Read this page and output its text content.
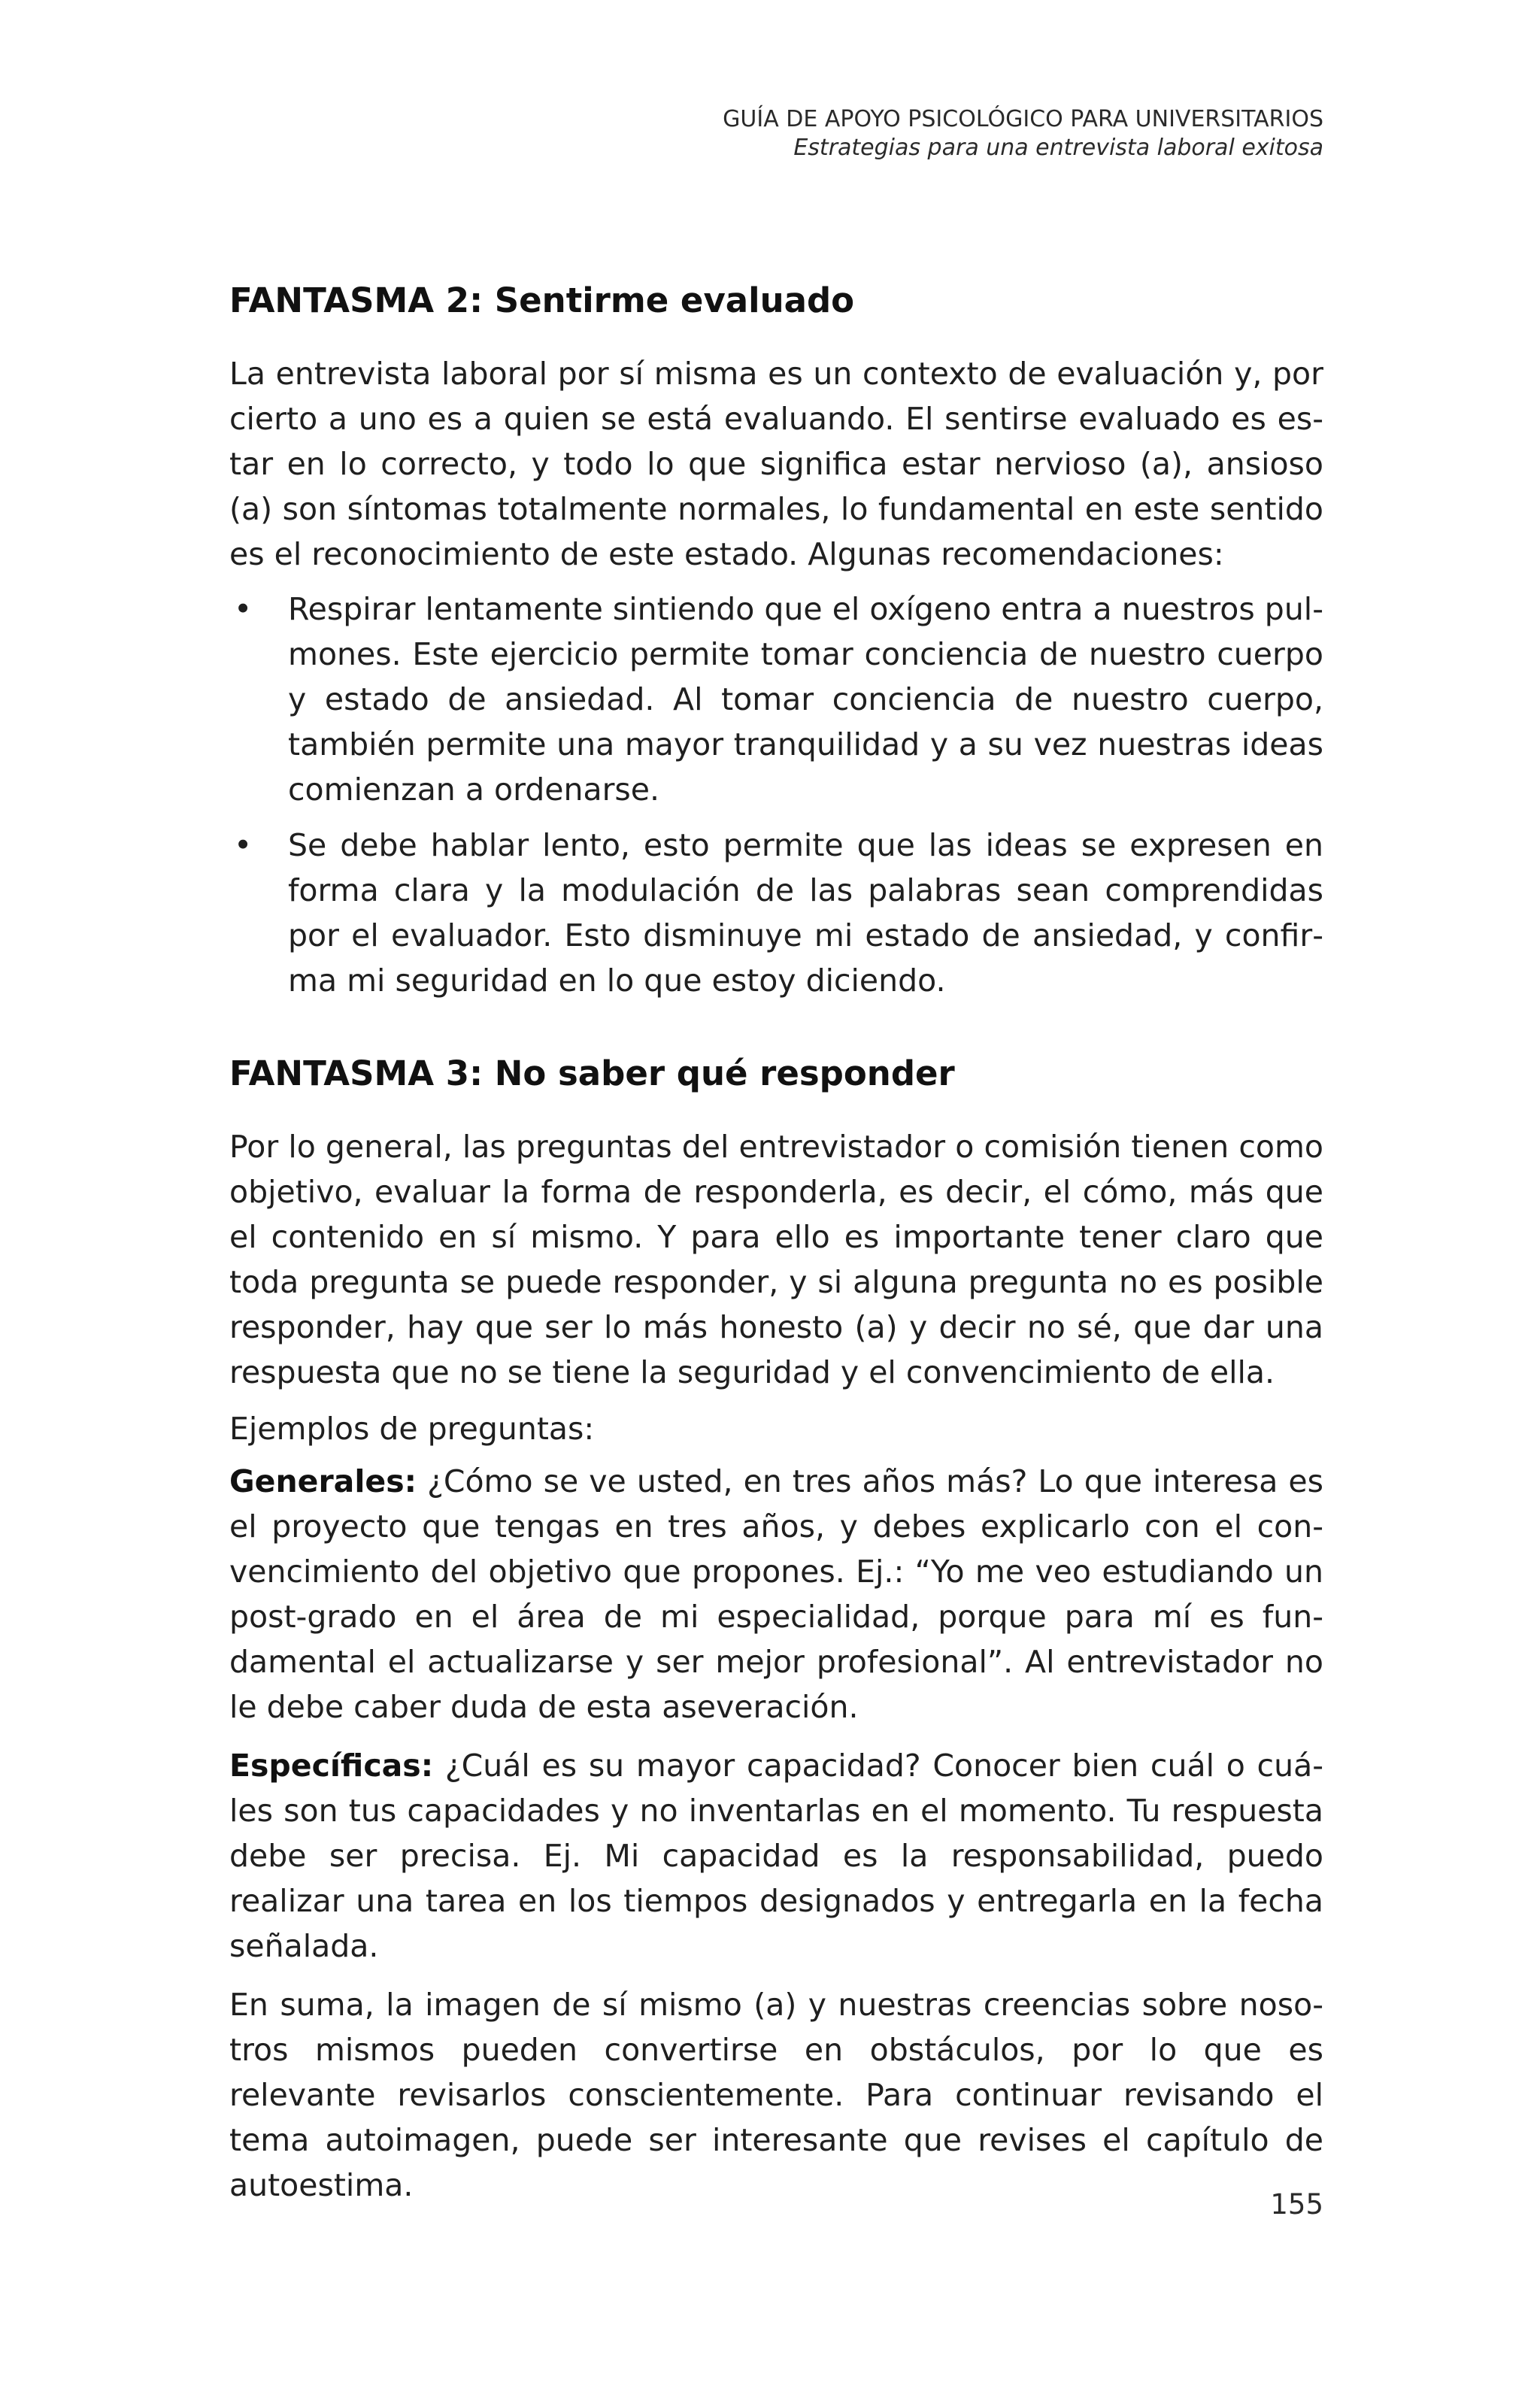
GUÍA DE APOYO PSICOLÓGICO PARA UNIVERSITARIOS
Estrategias para una entrevista laboral exitosa
FANTASMA 2: Sentirme evaluado

La entrevista laboral por sí misma es un contexto de evaluación y, por cierto a uno es a quien se está evaluando. El sentirse evaluado es estar en lo correcto, y todo lo que significa estar nervioso (a), ansioso (a) son síntomas totalmente normales, lo fundamental en este sentido es el reconocimiento de este estado. Algunas recomendaciones:

• Respirar lentamente sintiendo que el oxígeno entra a nuestros pulmones. Este ejercicio permite tomar conciencia de nuestro cuerpo y estado de ansiedad. Al tomar conciencia de nuestro cuerpo, también permite una mayor tranquilidad y a su vez nuestras ideas comienzan a ordenarse.

• Se debe hablar lento, esto permite que las ideas se expresen en forma clara y la modulación de las palabras sean comprendidas por el evaluador. Esto disminuye mi estado de ansiedad, y confirma mi seguridad en lo que estoy diciendo.

FANTASMA 3: No saber qué responder

Por lo general, las preguntas del entrevistador o comisión tienen como objetivo, evaluar la forma de responderla, es decir, el cómo, más que el contenido en sí mismo. Y para ello es importante tener claro que toda pregunta se puede responder, y si alguna pregunta no es posible responder, hay que ser lo más honesto (a) y decir no sé, que dar una respuesta que no se tiene la seguridad y el convencimiento de ella.

Ejemplos de preguntas:

Generales: ¿Cómo se ve usted, en tres años más? Lo que interesa es el proyecto que tengas en tres años, y debes explicarlo con el convencimiento del objetivo que propones. Ej.: “Yo me veo estudiando un post-grado en el área de mi especialidad, porque para mí es fundamental el actualizarse y ser mejor profesional”. Al entrevistador no le debe caber duda de esta aseveración.

Específicas: ¿Cuál es su mayor capacidad? Conocer bien cuál o cuáles son tus capacidades y no inventarlas en el momento. Tu respuesta debe ser precisa. Ej. Mi capacidad es la responsabilidad, puedo realizar una tarea en los tiempos designados y entregarla en la fecha señalada.

En suma, la imagen de sí mismo (a) y nuestras creencias sobre nosotros mismos pueden convertirse en obstáculos, por lo que es relevante revisarlos conscientemente. Para continuar revisando el tema autoimagen, puede ser interesante que revises el capítulo de autoestima.

155
